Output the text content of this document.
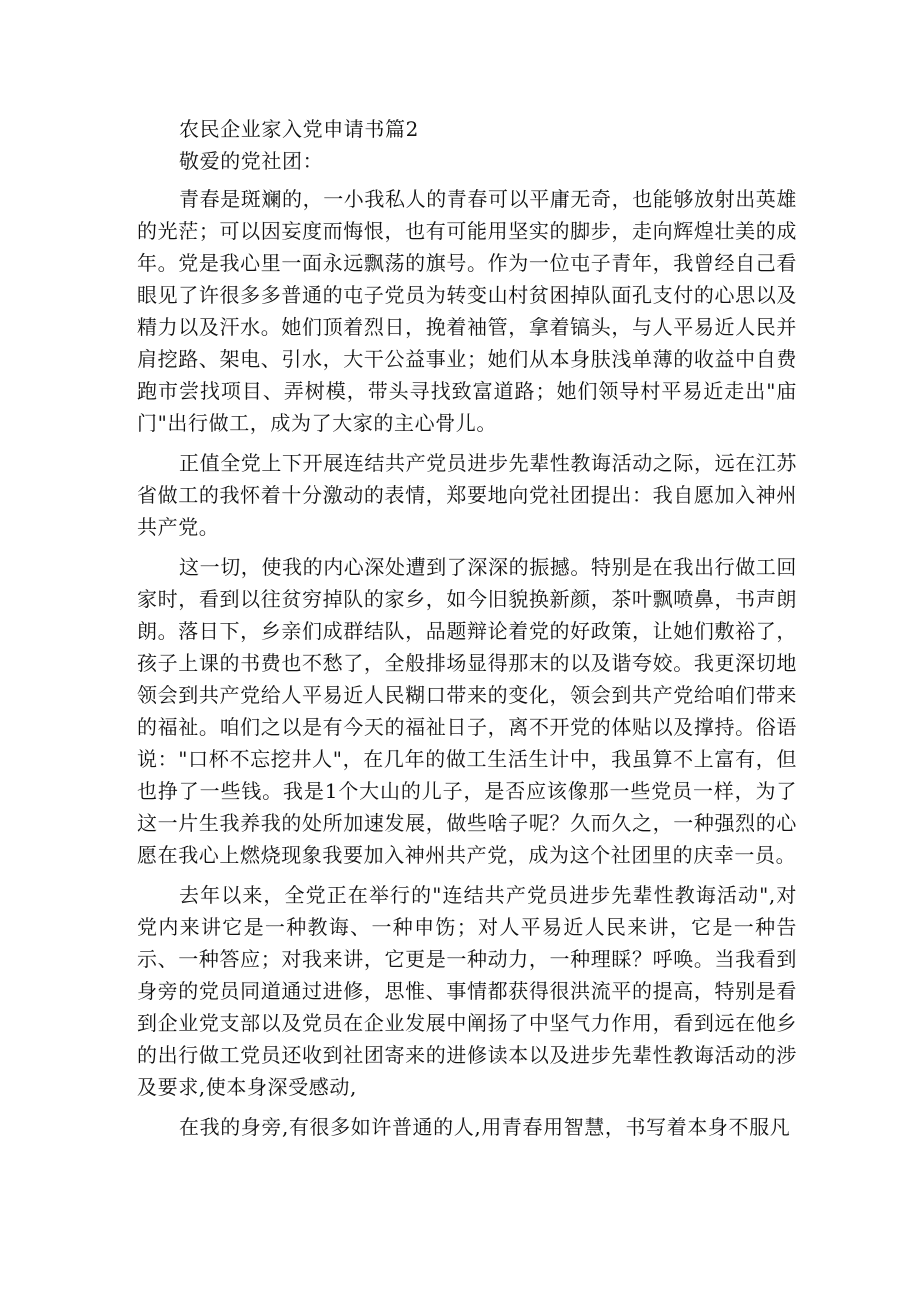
农民企业家入党申请书篇2

敬爱的党社团：

青春是斑斓的，一小我私人的青春可以平庸无奇，也能够放射出英雄的光茫；可以因妄度而悔恨，也有可能用坚实的脚步，走向辉煌壮美的成年。党是我心里一面永远飘荡的旗号。作为一位屯子青年，我曾经自己看眼见了许很多多普通的屯子党员为转变山村贫困掉队面孔支付的心思以及精力以及汗水。她们顶着烈日，挽着袖管，拿着镐头，与人平易近人民并肩挖路、架电、引水，大干公益事业；她们从本身肤浅单薄的收益中自费跑市尝找项目、弄树模，带头寻找致富道路；她们领导村平易近走出"庙门"出行做工，成为了大家的主心骨儿。

正值全党上下开展连结共产党员进步先辈性教诲活动之际，远在江苏省做工的我怀着十分激动的表情，郑要地向党社团提出：我自愿加入神州共产党。

这一切，使我的内心深处遭到了深深的振撼。特别是在我出行做工回家时，看到以往贫穷掉队的家乡，如今旧貌换新颜，茶叶飘喷鼻，书声朗朗。落日下，乡亲们成群结队，品题辩论着党的好政策，让她们敷裕了，孩子上课的书费也不愁了，全般排场显得那末的以及谐夸姣。我更深切地领会到共产党给人平易近人民糊口带来的变化，领会到共产党给咱们带来的福祉。咱们之以是有今天的福祉日子，离不开党的体贴以及撑持。俗语说："口杯不忘挖井人"，在几年的做工生活生计中，我虽算不上富有，但也挣了一些钱。我是1个大山的儿子，是否应该像那一些党员一样，为了这一片生我养我的处所加速发展，做些啥子呢？久而久之，一种强烈的心愿在我心上燃烧现象我要加入神州共产党，成为这个社团里的庆幸一员。

去年以来，全党正在举行的"连结共产党员进步先辈性教诲活动",对党内来讲它是一种教诲、一种申饬；对人平易近人民来讲，它是一种告示、一种答应；对我来讲，它更是一种动力，一种理睬？呼唤。当我看到身旁的党员同道通过进修，思惟、事情都获得很洪流平的提高，特别是看到企业党支部以及党员在企业发展中阐扬了中坚气力作用，看到远在他乡的出行做工党员还收到社团寄来的进修读本以及进步先辈性教诲活动的涉及要求,使本身深受感动,

在我的身旁,有很多如许普通的人,用青春用智慧，书写着本身不服凡
